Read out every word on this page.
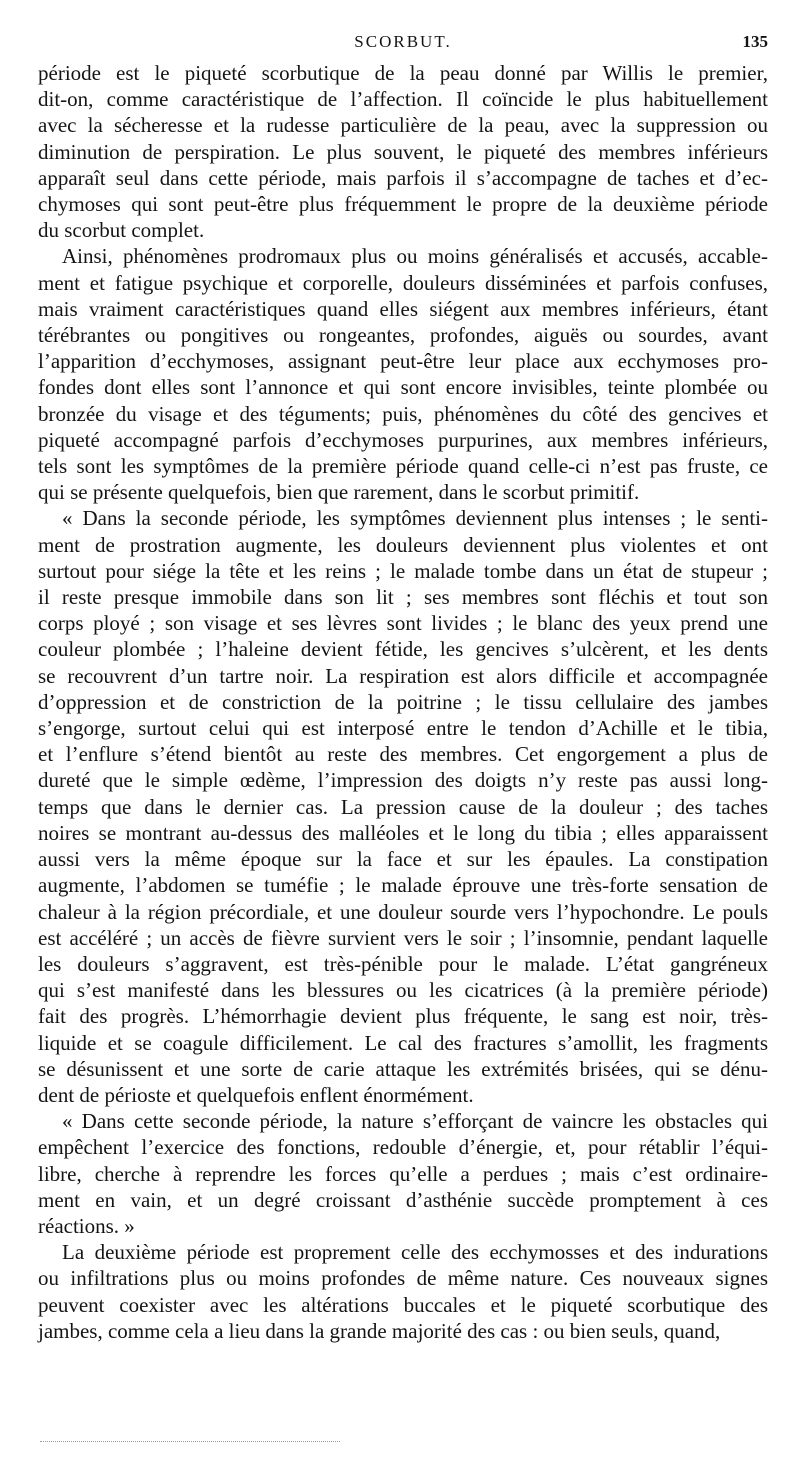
SCORBUT.	135
période est le piqueté scorbutique de la peau donné par Willis le premier,
dit-on, comme caractéristique de l’affection. Il coïncide le plus habituellement
avec la sécheresse et la rudesse particulière de la peau, avec la suppression ou
diminution de perspiration. Le plus souvent, le piqueté des membres inférieurs
apparaît seul dans cette période, mais parfois il s’accompagne de taches et d’ec-
chymoses qui sont peut-être plus fréquemment le propre de la deuxième période
du scorbut complet.
Ainsi, phénomènes prodromaux plus ou moins généralisés et accusés, accable-
ment et fatigue psychique et corporelle, douleurs disséminées et parfois confuses,
mais vraiment caractéristiques quand elles siégent aux membres inférieurs, étant
térébrantes ou pongitives ou rongeantes, profondes, aiguës ou sourdes, avant
l’apparition d’ecchymoses, assignant peut-être leur place aux ecchymoses pro-
fondes dont elles sont l’annonce et qui sont encore invisibles, teinte plombée ou
bronzée du visage et des téguments; puis, phénomènes du côté des gencives et
piqueté accompagné parfois d’ecchymoses purpurines, aux membres inférieurs,
tels sont les symptômes de la première période quand celle-ci n’est pas fruste, ce
qui se présente quelquefois, bien que rarement, dans le scorbut primitif.
« Dans la seconde période, les symptômes deviennent plus intenses ; le senti-
ment de prostration augmente, les douleurs deviennent plus violentes et ont
surtout pour siége la tête et les reins ; le malade tombe dans un état de stupeur ;
il reste presque immobile dans son lit ; ses membres sont fléchis et tout son
corps ployé ; son visage et ses lèvres sont livides ; le blanc des yeux prend une
couleur plombée ; l’haleine devient fétide, les gencives s’ulcèrent, et les dents
se recouvrent d’un tartre noir. La respiration est alors difficile et accompagnée
d’oppression et de constriction de la poitrine ; le tissu cellulaire des jambes
s’engorge, surtout celui qui est interposé entre le tendon d’Achille et le tibia,
et l’enflure s’étend bientôt au reste des membres. Cet engorgement a plus de
dureté que le simple œdème, l’impression des doigts n’y reste pas aussi long-
temps que dans le dernier cas. La pression cause de la douleur ; des taches
noires se montrant au-dessus des malléoles et le long du tibia ; elles apparaissent
aussi vers la même époque sur la face et sur les épaules. La constipation
augmente, l’abdomen se tuméfie ; le malade éprouve une très-forte sensation de
chaleur à la région précordiale, et une douleur sourde vers l’hypochondre. Le pouls
est accéléré ; un accès de fièvre survient vers le soir ; l’insomnie, pendant laquelle
les douleurs s’aggravent, est très-pénible pour le malade. L’état gangréneux
qui s’est manifesté dans les blessures ou les cicatrices (à la première période)
fait des progrès. L’hémorrhagie devient plus fréquente, le sang est noir, très-
liquide et se coagule difficilement. Le cal des fractures s’amollit, les fragments
se désunissent et une sorte de carie attaque les extrémités brisées, qui se dénu-
dent de périoste et quelquefois enflent énormément.
« Dans cette seconde période, la nature s’efforçant de vaincre les obstacles qui
empêchent l’exercice des fonctions, redouble d’énergie, et, pour rétablir l’équi-
libre, cherche à reprendre les forces qu’elle a perdues ; mais c’est ordinaire-
ment en vain, et un degré croissant d’asthénie succède promptement à ces
réactions. »
La deuxième période est proprement celle des ecchymosses et des indurations
ou infiltrations plus ou moins profondes de même nature. Ces nouveaux signes
peuvent coexister avec les altérations buccales et le piqueté scorbutique des
jambes, comme cela a lieu dans la grande majorité des cas : ou bien seuls, quand,
